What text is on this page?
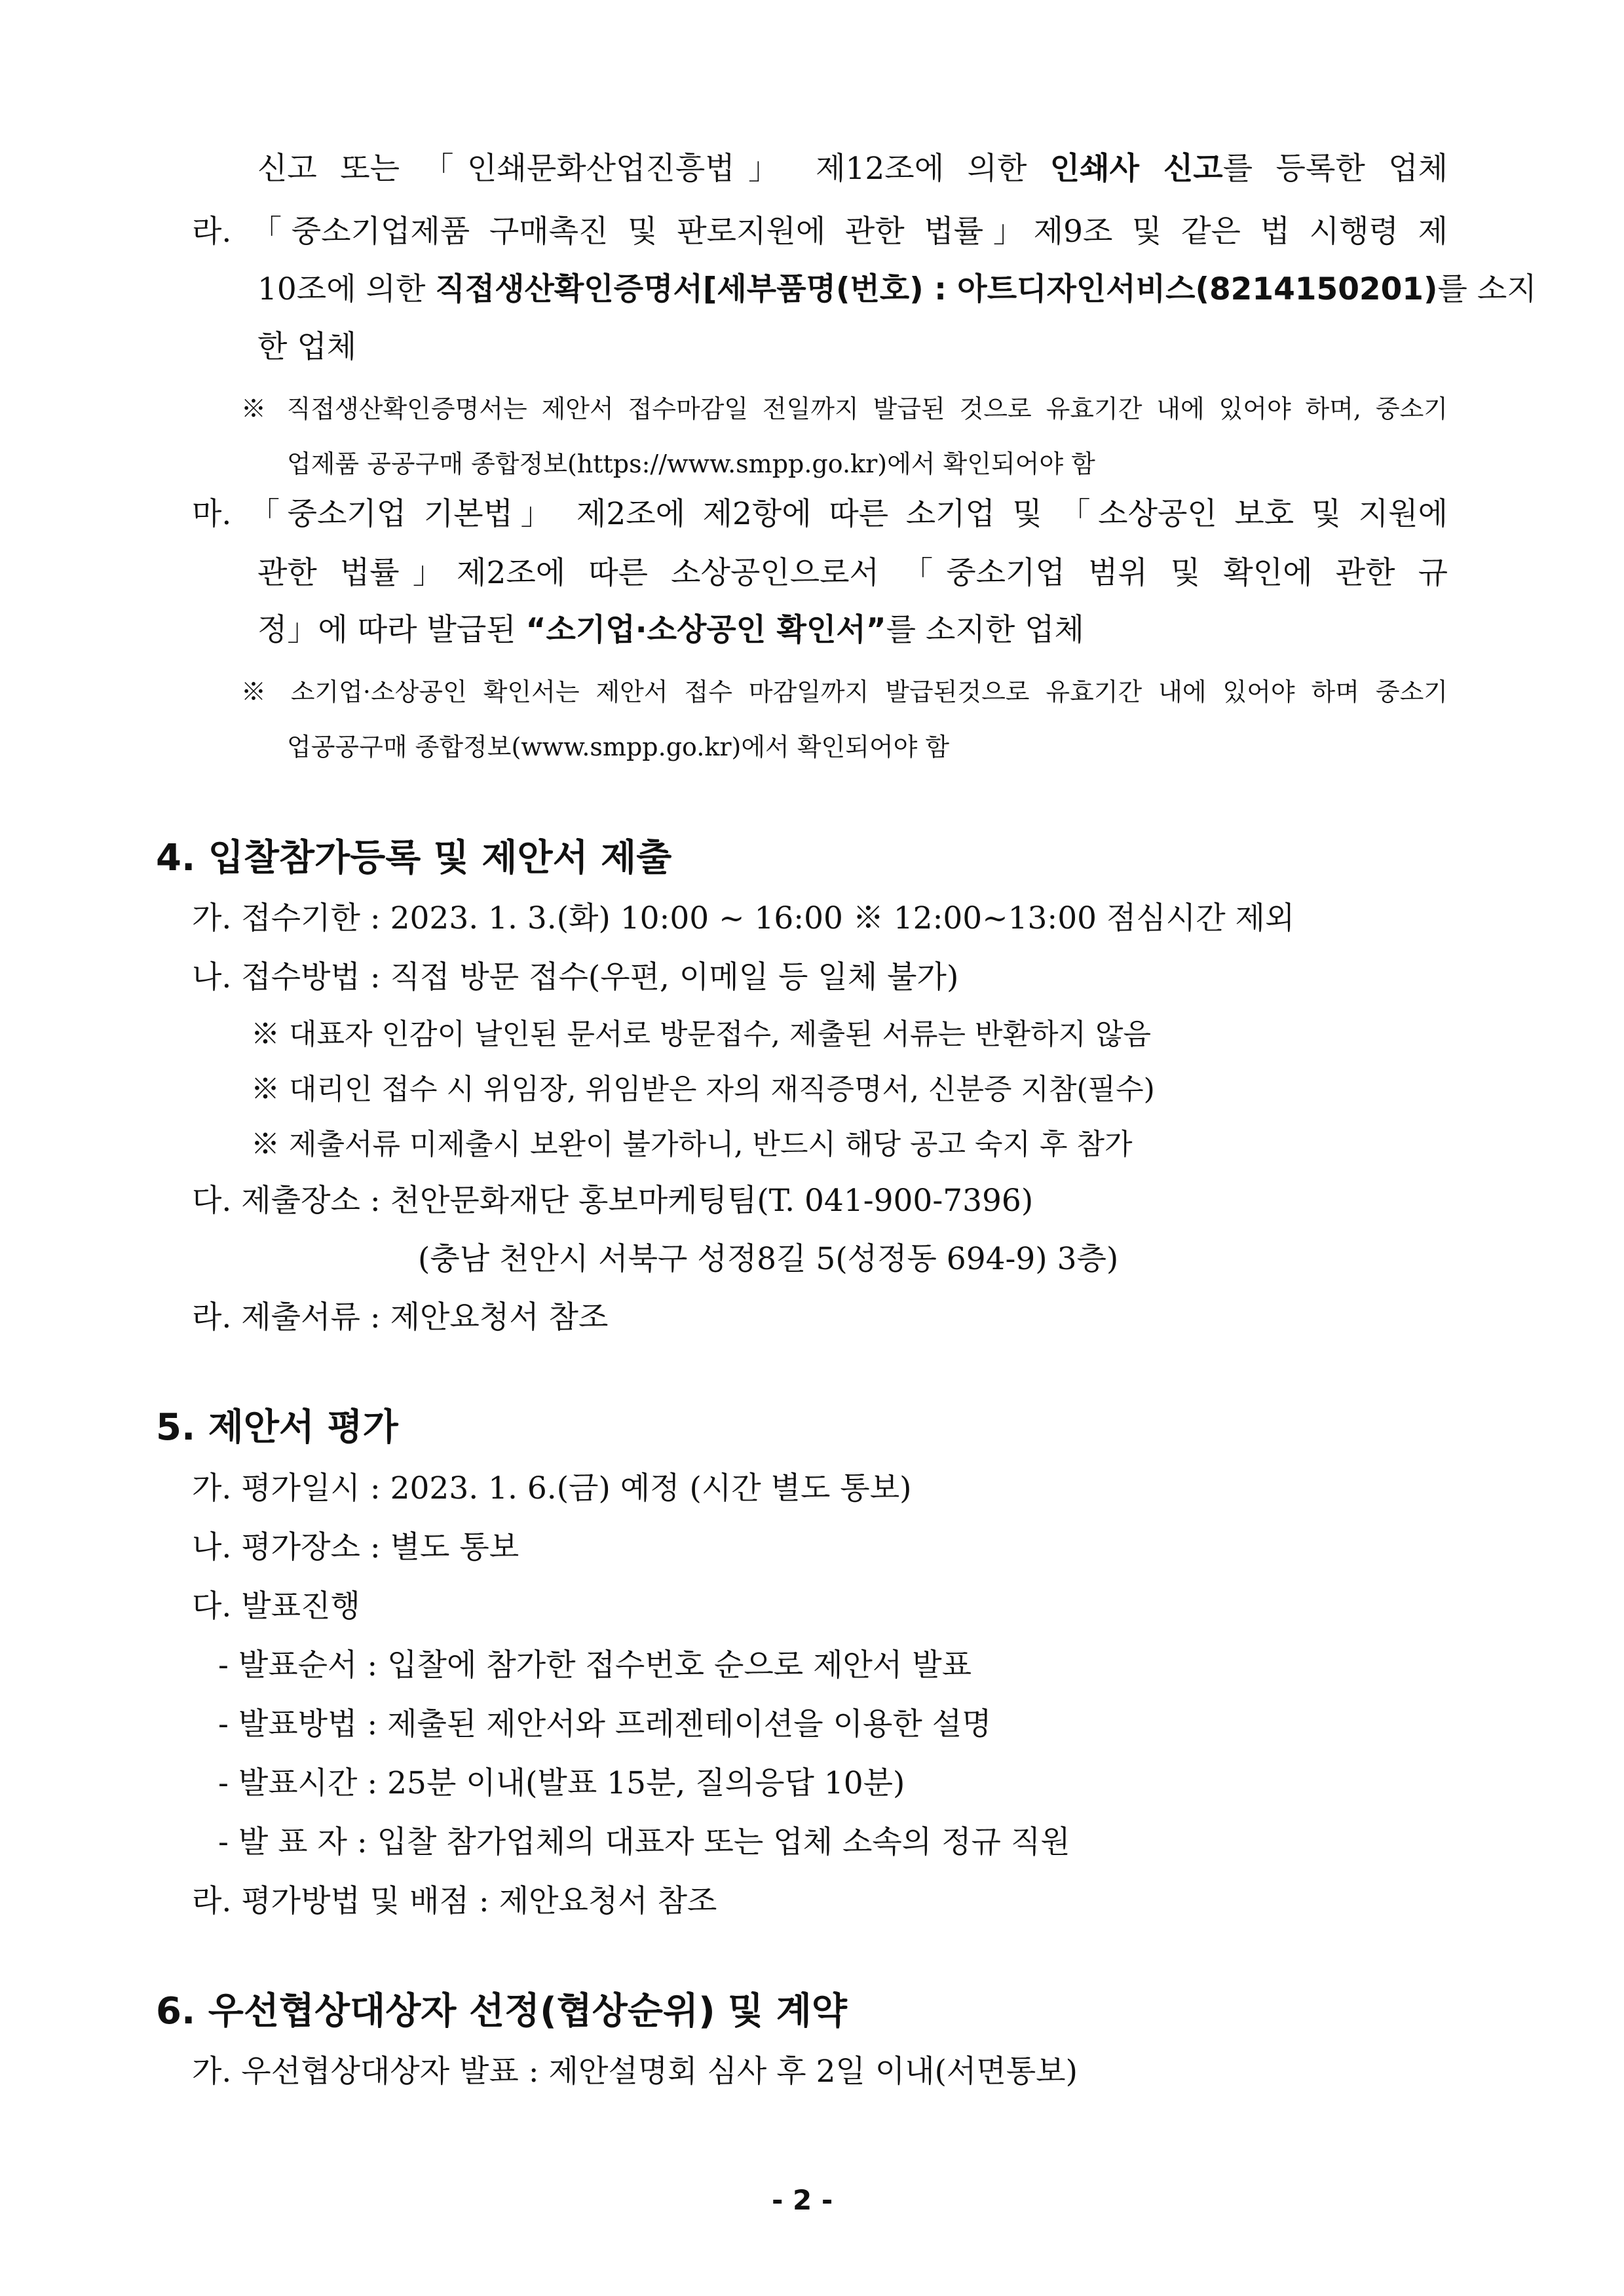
신고 또는 「인쇄문화산업진흥법」 제12조에 의한 인쇄사 신고를 등록한 업체
라. 「중소기업제품 구매촉진 및 판로지원에 관한 법률」제9조 및 같은 법 시행령 제
10조에 의한 직접생산확인증명서[세부품명(번호) : 아트디자인서비스(8214150201)를 소지
한 업체
※ 직접생산확인증명서는 제안서 접수마감일 전일까지 발급된 것으로 유효기간 내에 있어야 하며, 중소기
업제품 공공구매 종합정보(https://www.smpp.go.kr)에서 확인되어야 함
마. 「중소기업 기본법」 제2조에 제2항에 따른 소기업 및 「소상공인 보호 및 지원에
관한 법률」제2조에 따른 소상공인으로서 「중소기업 범위 및 확인에 관한 규
정」에 따라 발급된 “소기업·소상공인 확인서”를 소지한 업체
※ 소기업·소상공인 확인서는 제안서 접수 마감일까지 발급된것으로 유효기간 내에 있어야 하며 중소기
업공공구매 종합정보(www.smpp.go.kr)에서 확인되어야 함
4. 입찰참가등록 및 제안서 제출
가. 접수기한 : 2023. 1. 3.(화) 10:00 ~ 16:00 ※ 12:00~13:00 점심시간 제외
나. 접수방법 : 직접 방문 접수(우편, 이메일 등 일체 불가)
※ 대표자 인감이 날인된 문서로 방문접수, 제출된 서류는 반환하지 않음
※ 대리인 접수 시 위임장, 위임받은 자의 재직증명서, 신분증 지참(필수)
※ 제출서류 미제출시 보완이 불가하니, 반드시 해당 공고 숙지 후 참가
다. 제출장소 : 천안문화재단 홍보마케팅팀(T. 041-900-7396)
(충남 천안시 서북구 성정8길 5(성정동 694-9) 3층)
라. 제출서류 : 제안요청서 참조
5. 제안서 평가
가. 평가일시 : 2023. 1. 6.(금) 예정 (시간 별도 통보)
나. 평가장소 : 별도 통보
다. 발표진행
- 발표순서 : 입찰에 참가한 접수번호 순으로 제안서 발표
- 발표방법 : 제출된 제안서와 프레젠테이션을 이용한 설명
- 발표시간 : 25분 이내(발표 15분, 질의응답 10분)
- 발 표 자 : 입찰 참가업체의 대표자 또는 업체 소속의 정규 직원
라. 평가방법 및 배점 : 제안요청서 참조
6. 우선협상대상자 선정(협상순위) 및 계약
가. 우선협상대상자 발표 : 제안설명회 심사 후 2일 이내(서면통보)
- 2 -
